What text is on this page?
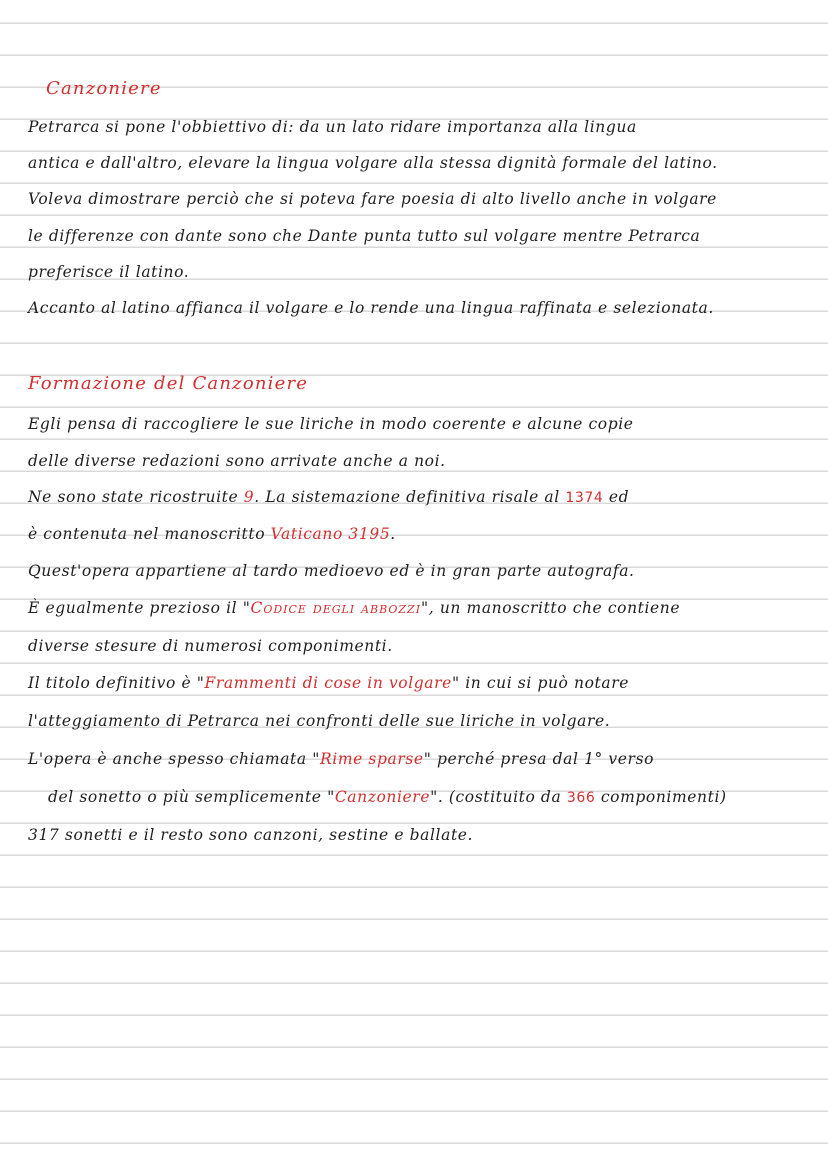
Canzoniere
Petrarca si pone l'obbiettivo di: da un lato ridare importanza alla lingua
antica e dall'altro, elevare la lingua volgare alla stessa dignità formale del latino.
Voleva dimostrare perciò che si poteva fare poesia di alto livello anche in volgare
le differenze con dante sono che Dante punta tutto sul volgare mentre Petrarca
preferisce il latino.
Accanto al latino affianca il volgare e lo rende una lingua raffinata e selezionata.
Formazione del Canzoniere
Egli pensa di raccogliere le sue liriche in modo coerente e alcune copie
delle diverse redazioni sono arrivate anche a noi.
Ne sono state ricostruite 9. La sistemazione definitiva risale al 1374 ed
è contenuta nel manoscritto Vaticano 3195.
Quest'opera appartiene al tardo medioevo ed è in gran parte autografa.
È egualmente prezioso il "Codice degli abbozzi", un manoscritto che contiene
diverse stesure di numerosi componimenti.
Il titolo definitivo è "Frammenti di cose in volgare" in cui si può notare
l'atteggiamento di Petrarca nei confronti delle sue liriche in volgare.
L'opera è anche spesso chiamata "Rime sparse" perché presa dal 1° verso
del sonetto o più semplicemente "Canzoniere". (costituito da 366 componimenti)
317 sonetti e il resto sono canzoni, sestine e ballate.
